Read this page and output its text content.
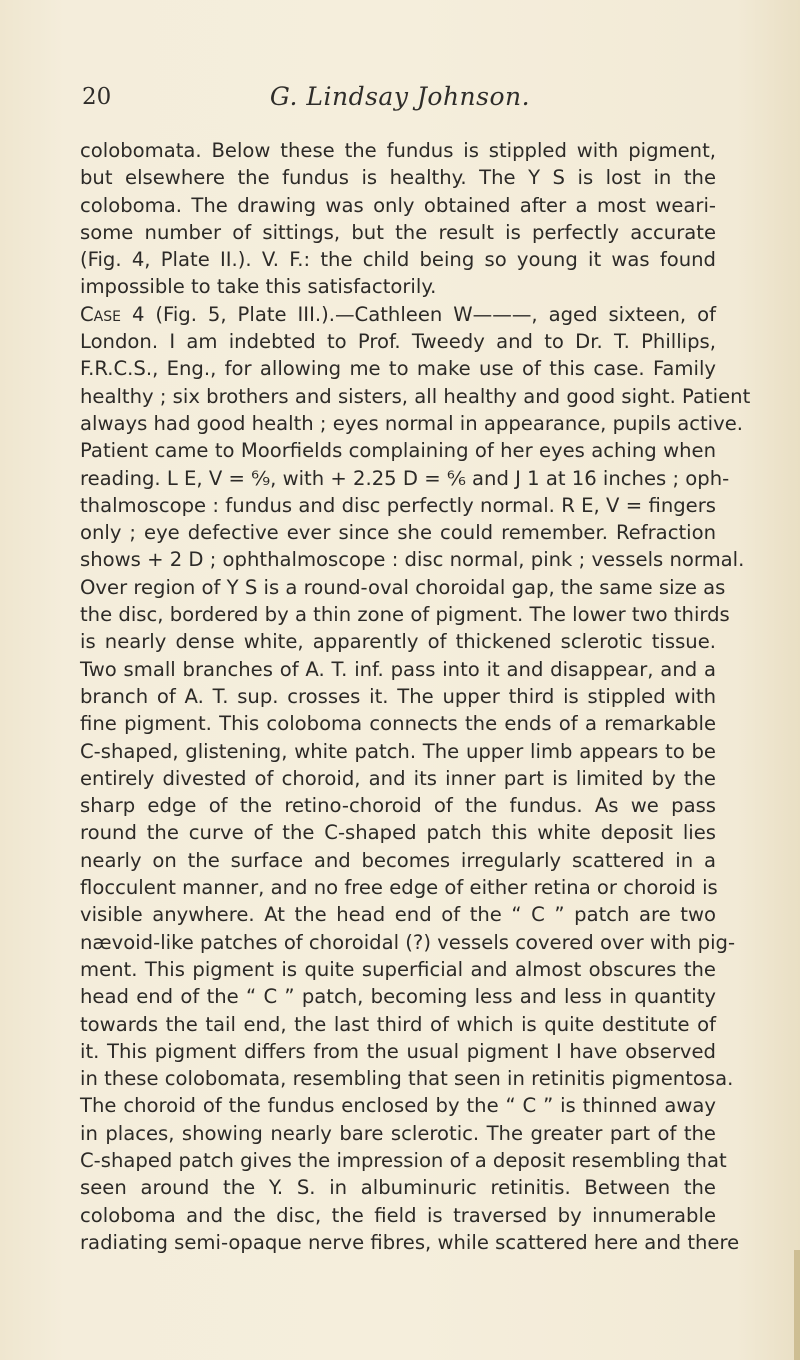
20	G. Lindsay Johnson.
colobomata. Below these the fundus is stippled with pigment,
but elsewhere the fundus is healthy. The Y S is lost in the
coloboma. The drawing was only obtained after a most weari-
some number of sittings, but the result is perfectly accurate
(Fig. 4, Plate II.). V. F.: the child being so young it was found
impossible to take this satisfactorily.
Case 4 (Fig. 5, Plate III.).—Cathleen W———, aged sixteen, of
London. I am indebted to Prof. Tweedy and to Dr. T. Phillips,
F.R.C.S., Eng., for allowing me to make use of this case. Family
healthy ; six brothers and sisters, all healthy and good sight. Patient
always had good health ; eyes normal in appearance, pupils active.
Patient came to Moorfields complaining of her eyes aching when
reading. L E, V = ⁶⁄₉, with + 2.25 D = ⁶⁄₆ and J 1 at 16 inches ; oph-
thalmoscope : fundus and disc perfectly normal. R E, V = fingers
only ; eye defective ever since she could remember. Refraction
shows + 2 D ; ophthalmoscope : disc normal, pink ; vessels normal.
Over region of Y S is a round-oval choroidal gap, the same size as
the disc, bordered by a thin zone of pigment. The lower two thirds
is nearly dense white, apparently of thickened sclerotic tissue.
Two small branches of A. T. inf. pass into it and disappear, and a
branch of A. T. sup. crosses it. The upper third is stippled with
fine pigment. This coloboma connects the ends of a remarkable
C-shaped, glistening, white patch. The upper limb appears to be
entirely divested of choroid, and its inner part is limited by the
sharp edge of the retino-choroid of the fundus. As we pass
round the curve of the C-shaped patch this white deposit lies
nearly on the surface and becomes irregularly scattered in a
flocculent manner, and no free edge of either retina or choroid is
visible anywhere. At the head end of the “ C ” patch are two
nævoid-like patches of choroidal (?) vessels covered over with pig-
ment. This pigment is quite superficial and almost obscures the
head end of the “ C ” patch, becoming less and less in quantity
towards the tail end, the last third of which is quite destitute of
it. This pigment differs from the usual pigment I have observed
in these colobomata, resembling that seen in retinitis pigmentosa.
The choroid of the fundus enclosed by the “ C ” is thinned away
in places, showing nearly bare sclerotic. The greater part of the
C-shaped patch gives the impression of a deposit resembling that
seen around the Y. S. in albuminuric retinitis. Between the
coloboma and the disc, the field is traversed by innumerable
radiating semi-opaque nerve fibres, while scattered here and there
